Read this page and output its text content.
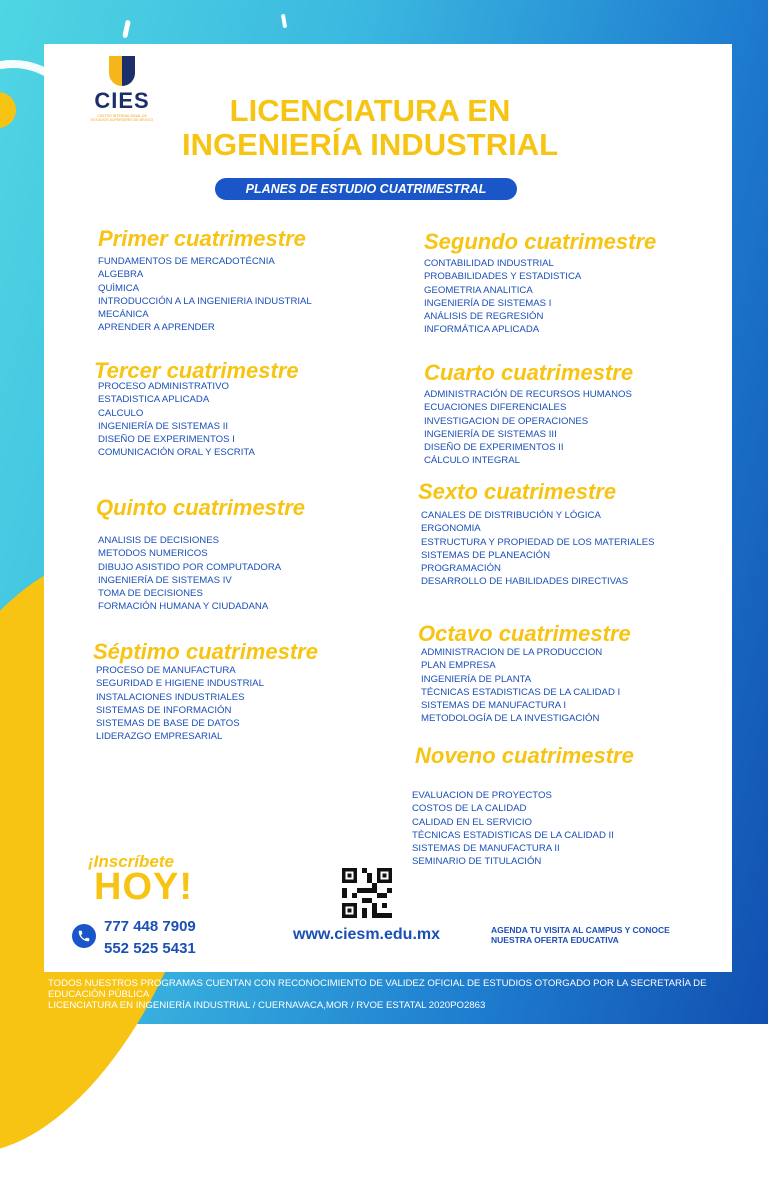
CIES
CENTRO INTERNACIONAL DE ESTUDIOS SUPERIORES DE MÉXICO	LICENCIATURA EN
INGENIERÍA INDUSTRIAL
PLANES DE ESTUDIO CUATRIMESTRAL
Primer cuatrimestre
FUNDAMENTOS DE MERCADOTÉCNIA
ALGEBRA
QUÌMICA
INTRODUCCIÓN A LA INGENIERIA INDUSTRIAL
MECÁNICA
APRENDER A APRENDER
Segundo cuatrimestre
CONTABILIDAD INDUSTRIAL
PROBABILIDADES Y ESTADISTICA
GEOMETRIA ANALITICA
INGENIERÍA DE SISTEMAS I
ANÁLISIS DE REGRESIÓN
INFORMÁTICA APLICADA
Tercer cuatrimestre
PROCESO ADMINISTRATIVO
ESTADISTICA APLICADA
CALCULO
INGENIERÍA DE SISTEMAS II
DISEÑO DE EXPERIMENTOS I
COMUNICACIÓN ORAL Y ESCRITA
Cuarto cuatrimestre
ADMINISTRACIÓN DE RECURSOS HUMANOS
ECUACIONES DIFERENCIALES
INVESTIGACION DE OPERACIONES
INGENIERÍA DE SISTEMAS III
DISEÑO DE EXPERIMENTOS II
CÁLCULO INTEGRAL
Quinto cuatrimestre
ANALISIS DE DECISIONES
METODOS NUMERICOS
DIBUJO ASISTIDO POR COMPUTADORA
INGENIERÍA DE SISTEMAS IV
TOMA DE DECISIONES
FORMACIÓN HUMANA Y CIUDADANA
Sexto cuatrimestre
CANALES DE DISTRIBUCIÓN Y LÓGICA
ERGONOMIA
ESTRUCTURA Y PROPIEDAD DE LOS MATERIALES
SISTEMAS DE PLANEACIÓN
PROGRAMACIÓN
DESARROLLO DE HABILIDADES DIRECTIVAS
Séptimo cuatrimestre
PROCESO DE MANUFACTURA
SEGURIDAD E HIGIENE INDUSTRIAL
INSTALACIONES INDUSTRIALES
SISTEMAS DE INFORMACIÓN
SISTEMAS DE BASE DE DATOS
LIDERAZGO EMPRESARIAL
Octavo cuatrimestre
ADMINISTRACION DE LA PRODUCCION
PLAN EMPRESA
INGENIERÍA DE PLANTA
TÉCNICAS ESTADISTICAS DE LA CALIDAD I
SISTEMAS DE MANUFACTURA I
METODOLOGÍA DE LA INVESTIGACIÓN
Noveno cuatrimestre
EVALUACION DE PROYECTOS
COSTOS DE LA CALIDAD
CALIDAD EN EL SERVICIO
TÉCNICAS ESTADISTICAS DE LA CALIDAD II
SISTEMAS DE MANUFACTURA II
SEMINARIO DE TITULACIÓN
¡Inscríbete
HOY!
777 448 7909
552 525 5431
www.ciesm.edu.mx	AGENDA TU VISITA AL CAMPUS Y CONOCE NUESTRA OFERTA EDUCATIVA
TODOS NUESTROS PROGRAMAS CUENTAN CON RECONOCIMIENTO DE VALIDEZ OFICIAL DE ESTUDIOS OTORGADO POR LA SECRETARÍA DE EDUCACIÓN PÚBLICA
LICENCIATURA EN INGENIERÍA INDUSTRIAL / CUERNAVACA,MOR / RVOE ESTATAL 2020PO2863
